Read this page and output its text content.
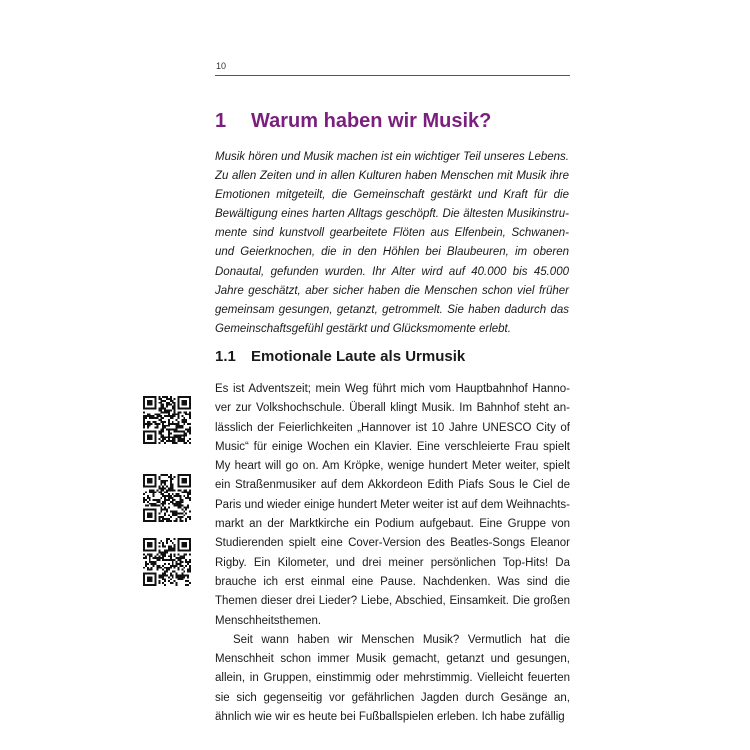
10
1 Warum haben wir Musik?

Musik hören und Musik machen ist ein wichtiger Teil unseres Lebens. Zu allen Zeiten und in allen Kulturen haben Menschen mit Musik ihre Emotionen mitgeteilt, die Gemeinschaft gestärkt und Kraft für die Bewältigung eines harten Alltags geschöpft. Die ältesten Musikinstrumente sind kunstvoll gearbeitete Flöten aus Elfenbein, Schwanen- und Geierknochen, die in den Höhlen bei Blaubeuren, im oberen Donautal, gefunden wurden. Ihr Alter wird auf 40.000 bis 45.000 Jahre geschätzt, aber sicher haben die Menschen schon viel früher gemeinsam gesungen, getanzt, getrommelt. Sie haben dadurch das Gemeinschaftsgefühl gestärkt und Glücksmomente erlebt.

1.1 Emotionale Laute als Urmusik

Es ist Adventszeit; mein Weg führt mich vom Hauptbahnhof Hannover zur Volkshochschule. Überall klingt Musik. Im Bahnhof steht anlässlich der Feierlichkeiten „Hannover ist 10 Jahre UNESCO City of Music“ für einige Wochen ein Klavier. Eine verschleierte Frau spielt My heart will go on. Am Kröpke, wenige hundert Meter weiter, spielt ein Straßenmusiker auf dem Akkordeon Edith Piafs Sous le Ciel de Paris und wieder einige hundert Meter weiter ist auf dem Weihnachtsmarkt an der Marktkirche ein Podium aufgebaut. Eine Gruppe von Studierenden spielt eine Cover-Version des Beatles-Songs Eleanor Rigby. Ein Kilometer, und drei meiner persönlichen Top-Hits! Da brauche ich erst einmal eine Pause. Nachdenken. Was sind die Themen dieser drei Lieder? Liebe, Abschied, Einsamkeit. Die großen Menschheitsthemen.

Seit wann haben wir Menschen Musik? Vermutlich hat die Menschheit schon immer Musik gemacht, getanzt und gesungen, allein, in Gruppen, einstimmig oder mehrstimmig. Vielleicht feuerten sie sich gegenseitig vor gefährlichen Jagden durch Gesänge an, ähnlich wie wir es heute bei Fußballspielen erleben. Ich habe zufällig
